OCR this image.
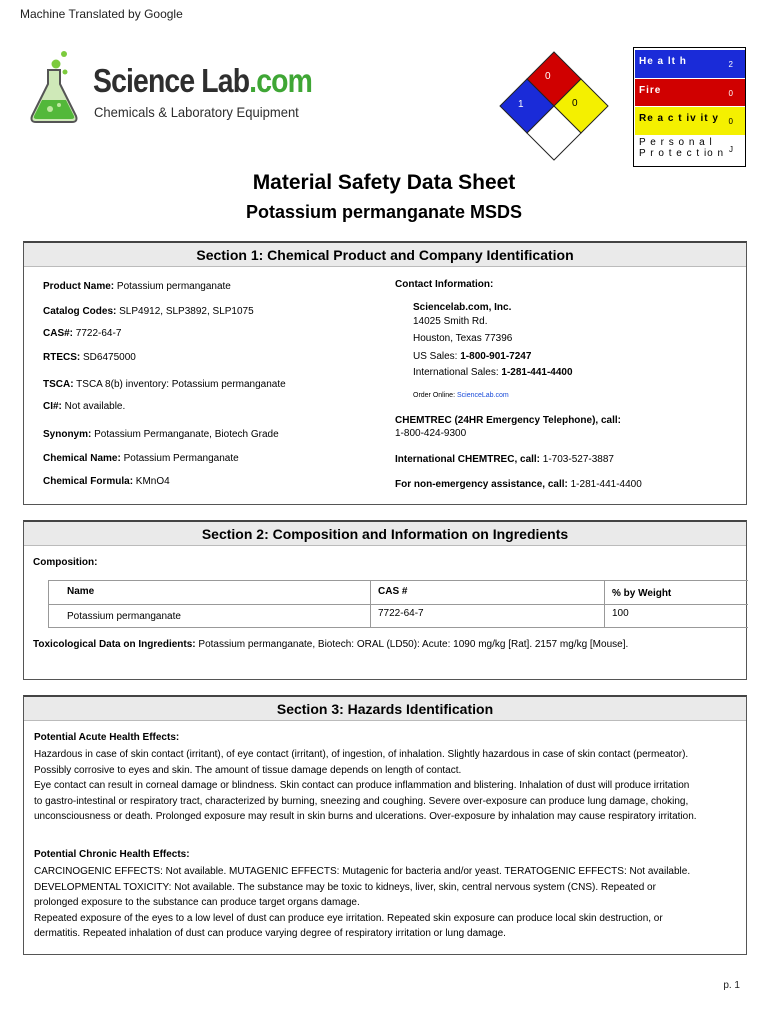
Machine Translated by Google
Science Lab.com
Chemicals & Laboratory Equipment
0
1	0
He a lt h	2
Fire	0
Re a c t iv it y	0
P e r s o n a l
P r o t e c t io n J
Material Safety Data Sheet
Potassium permanganate MSDS
Section 1: Chemical Product and Company Identification
Product Name: Potassium permanganate
Catalog Codes: SLP4912, SLP3892, SLP1075
CAS#: 7722-64-7
RTECS: SD6475000
TSCA: TSCA 8(b) inventory: Potassium permanganate
CI#: Not available.
Synonym: Potassium Permanganate, Biotech Grade
Chemical Name: Potassium Permanganate
Chemical Formula: KMnO4
Contact Information:
Sciencelab.com, Inc.
14025 Smith Rd.
Houston, Texas 77396
US Sales: 1-800-901-7247
International Sales: 1-281-441-4400
Order Online: ScienceLab.com
CHEMTREC (24HR Emergency Telephone), call:
1-800-424-9300
International CHEMTREC, call: 1-703-527-3887
For non-emergency assistance, call: 1-281-441-4400
Section 2: Composition and Information on Ingredients
Composition:
Name	CAS #	% by Weight
Potassium permanganate	7722-64-7	100
Toxicological Data on Ingredients: Potassium permanganate, Biotech: ORAL (LD50): Acute: 1090 mg/kg [Rat]. 2157 mg/kg [Mouse].
Section 3: Hazards Identification
Potential Acute Health Effects:
Hazardous in case of skin contact (irritant), of eye contact (irritant), of ingestion, of inhalation. Slightly hazardous in case of skin contact (permeator).
Possibly corrosive to eyes and skin. The amount of tissue damage depends on length of contact.
Eye contact can result in corneal damage or blindness. Skin contact can produce inflammation and blistering. Inhalation of dust will produce irritation
to gastro-intestinal or respiratory tract, characterized by burning, sneezing and coughing. Severe over-exposure can produce lung damage, choking,
unconsciousness or death. Prolonged exposure may result in skin burns and ulcerations. Over-exposure by inhalation may cause respiratory irritation.
Potential Chronic Health Effects:
CARCINOGENIC EFFECTS: Not available. MUTAGENIC EFFECTS: Mutagenic for bacteria and/or yeast. TERATOGENIC EFFECTS: Not available.
DEVELOPMENTAL TOXICITY: Not available. The substance may be toxic to kidneys, liver, skin, central nervous system (CNS). Repeated or
prolonged exposure to the substance can produce target organs damage.
Repeated exposure of the eyes to a low level of dust can produce eye irritation. Repeated skin exposure can produce local skin destruction, or
dermatitis. Repeated inhalation of dust can produce varying degree of respiratory irritation or lung damage.
p. 1
